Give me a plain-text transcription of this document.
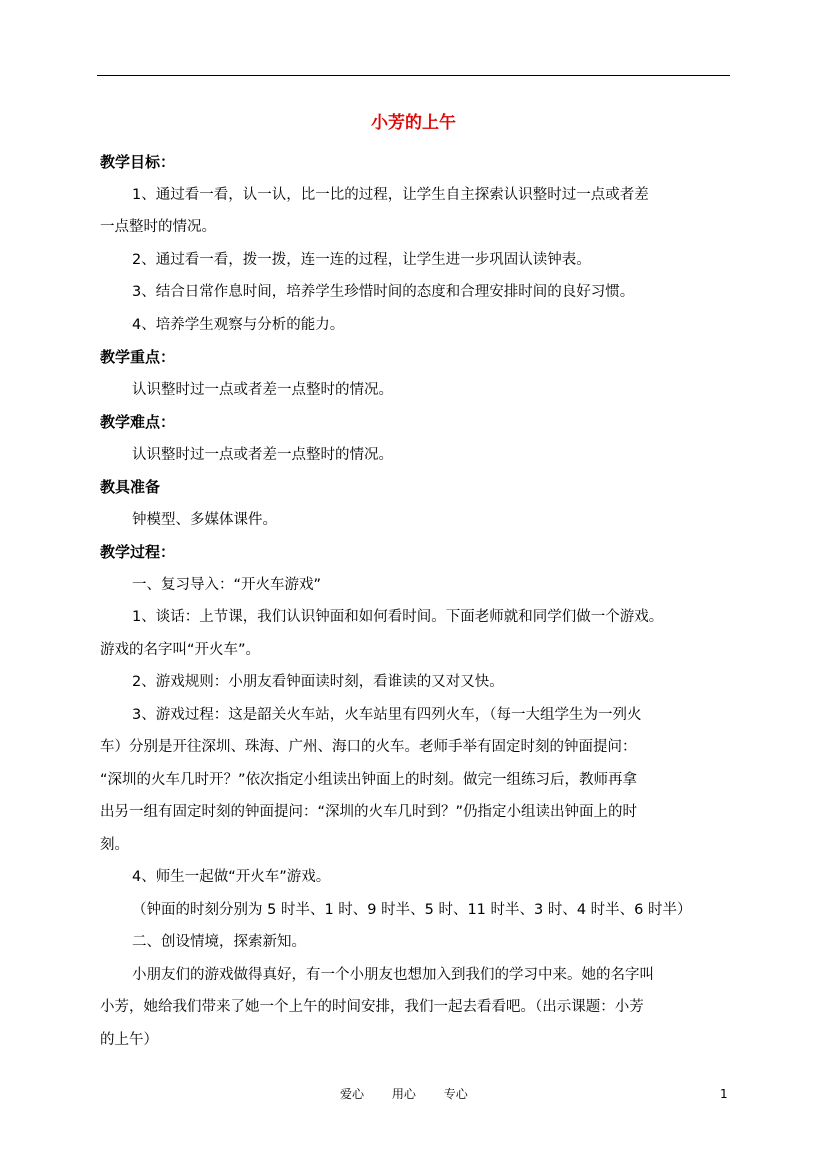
小芳的上午

教学目标：

1、通过看一看，认一认，比一比的过程，让学生自主探索认识整时过一点或者差

一点整时的情况。

2、通过看一看，拨一拨，连一连的过程，让学生进一步巩固认读钟表。

3、结合日常作息时间，培养学生珍惜时间的态度和合理安排时间的良好习惯。

4、培养学生观察与分析的能力。

教学重点：

认识整时过一点或者差一点整时的情况。

教学难点：

认识整时过一点或者差一点整时的情况。

教具准备

钟模型、多媒体课件。

教学过程：

一、复习导入：“开火车游戏”

1、谈话：上节课，我们认识钟面和如何看时间。下面老师就和同学们做一个游戏。

游戏的名字叫“开火车”。

2、游戏规则：小朋友看钟面读时刻，看谁读的又对又快。

3、游戏过程：这是韶关火车站，火车站里有四列火车，（每一大组学生为一列火

车）分别是开往深圳、珠海、广州、海口的火车。老师手举有固定时刻的钟面提问：

“深圳的火车几时开？”依次指定小组读出钟面上的时刻。做完一组练习后，教师再拿

出另一组有固定时刻的钟面提问：“深圳的火车几时到？”仍指定小组读出钟面上的时

刻。

4、师生一起做“开火车”游戏。

（钟面的时刻分别为 5 时半、1 时、9 时半、5 时、11 时半、3 时、4 时半、6 时半）

二、创设情境，探索新知。

小朋友们的游戏做得真好，有一个小朋友也想加入到我们的学习中来。她的名字叫

小芳，她给我们带来了她一个上午的时间安排，我们一起去看看吧。（出示课题：小芳

的上午）

爱心 用心 专心	1
